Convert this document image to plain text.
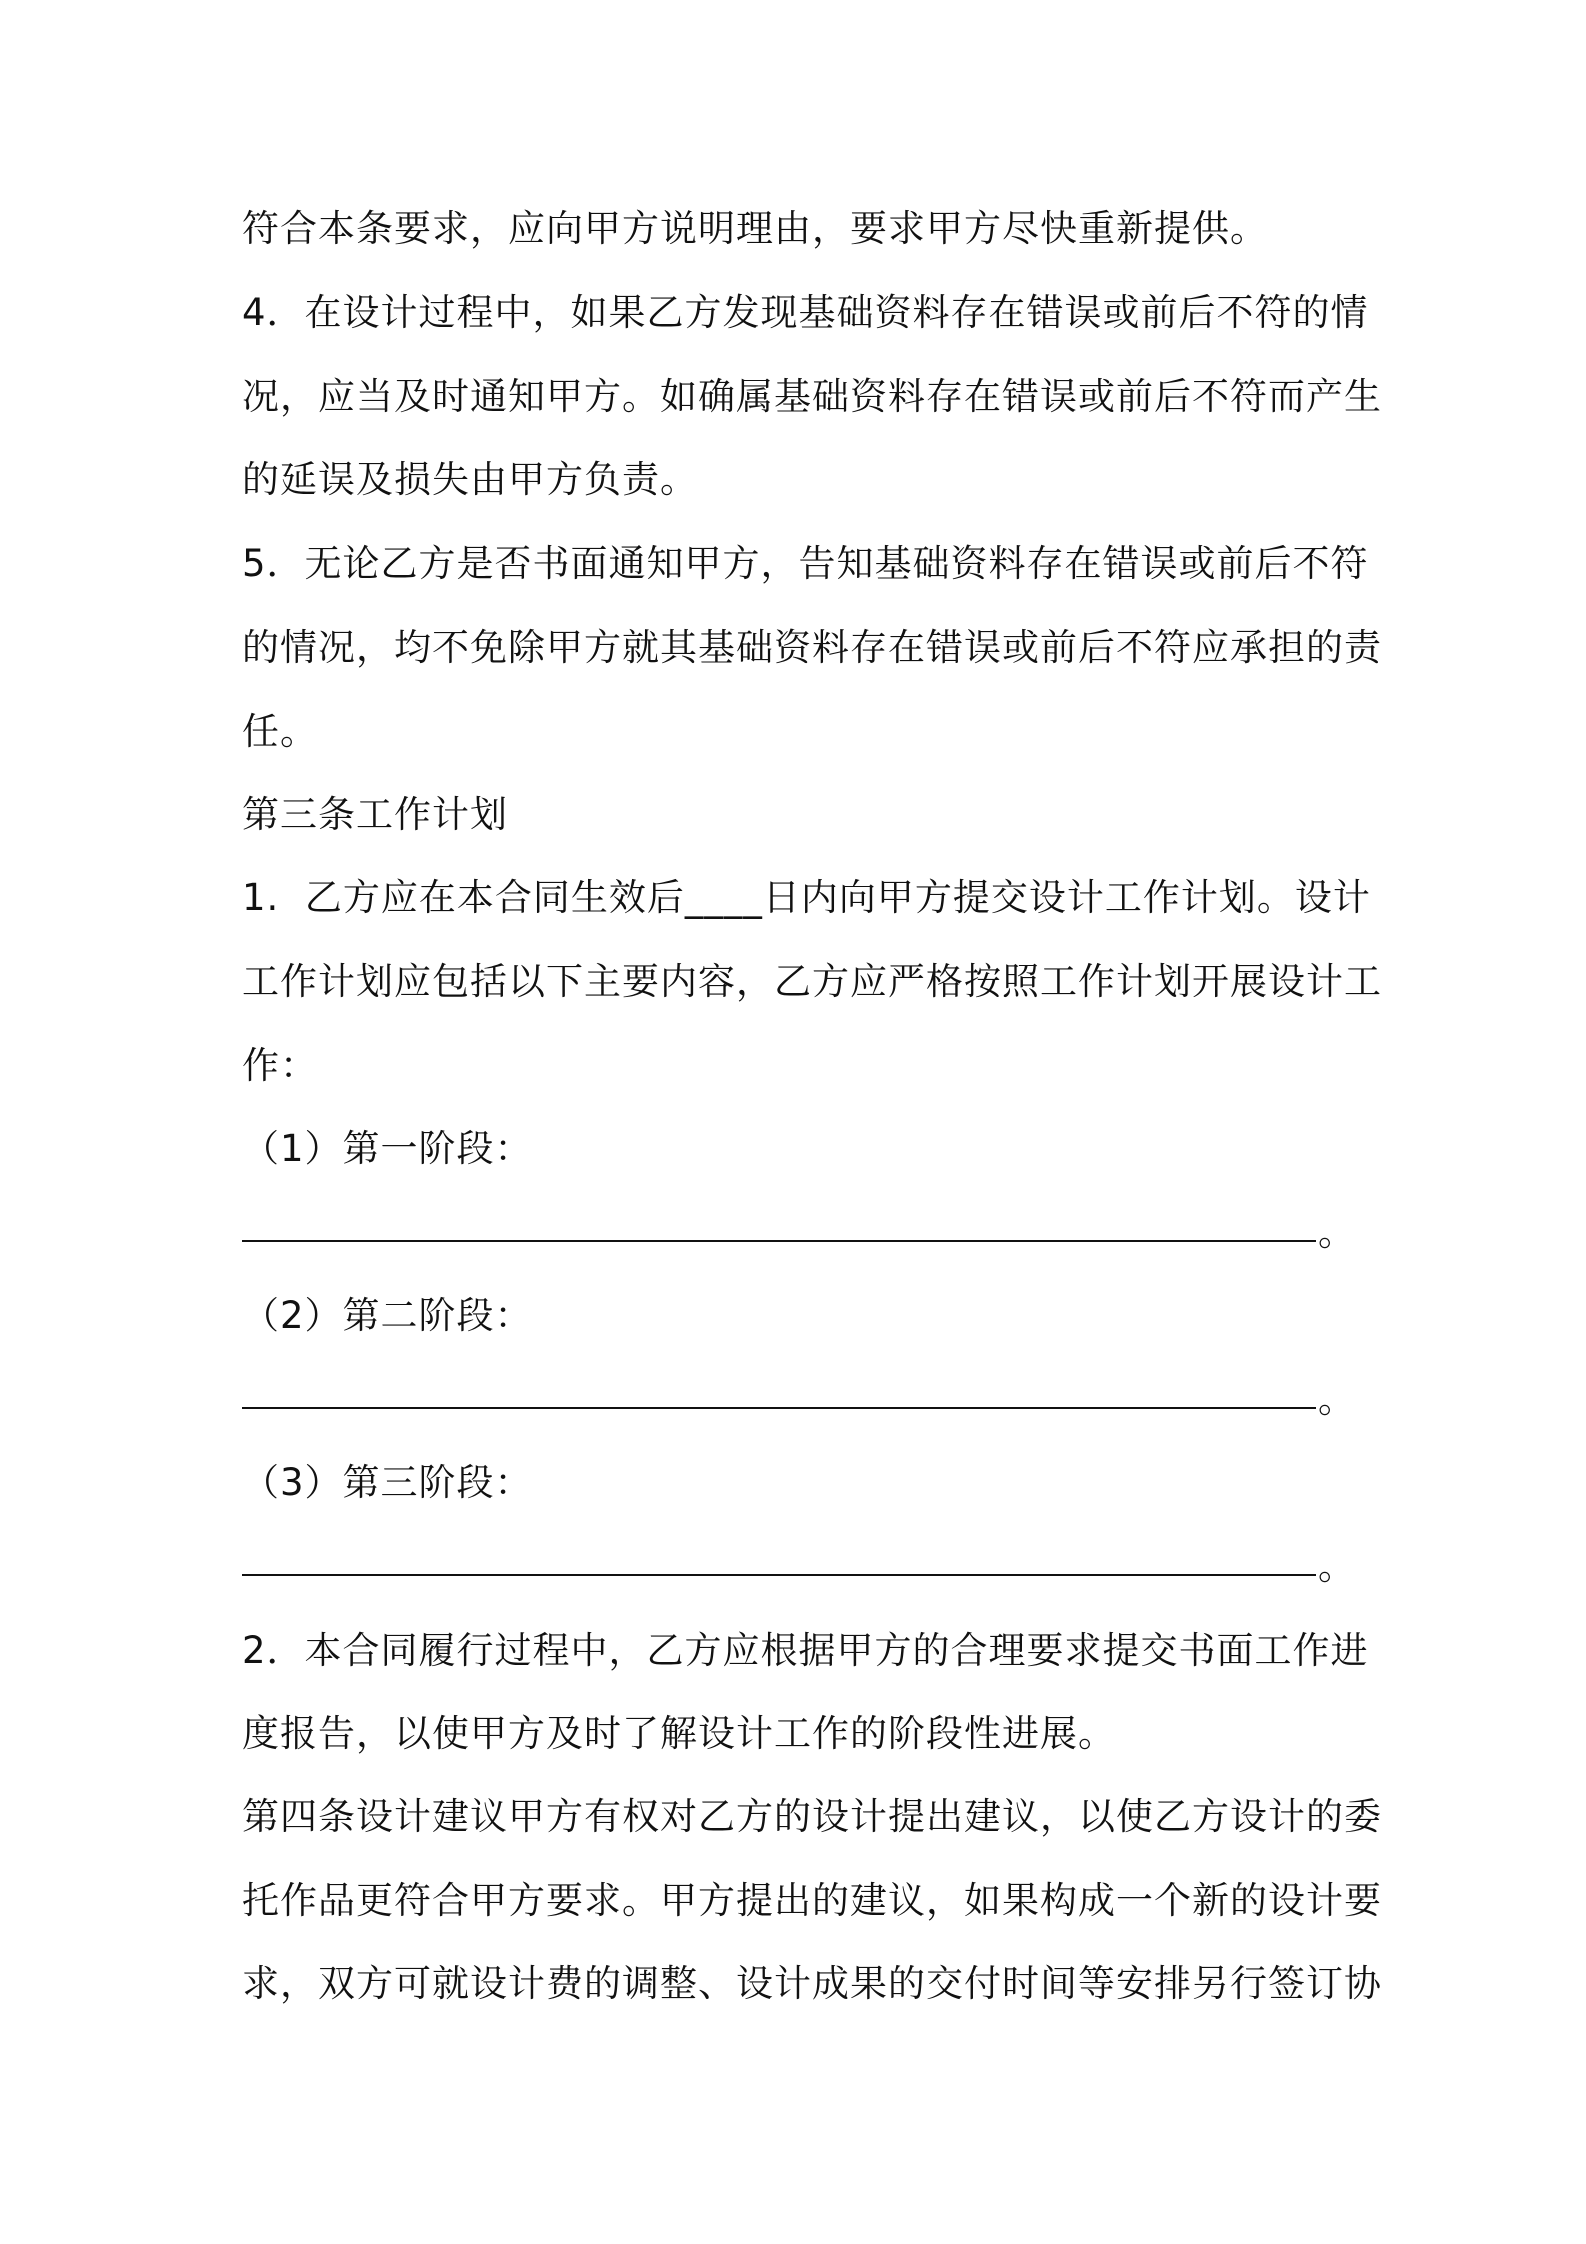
符合本条要求，应向甲方说明理由，要求甲方尽快重新提供。
4．在设计过程中，如果乙方发现基础资料存在错误或前后不符的情
况，应当及时通知甲方。如确属基础资料存在错误或前后不符而产生
的延误及损失由甲方负责。
5．无论乙方是否书面通知甲方，告知基础资料存在错误或前后不符
的情况，均不免除甲方就其基础资料存在错误或前后不符应承担的责
任。
第三条工作计划
1.  乙方应在本合同生效后____日内向甲方提交设计工作计划。设计
工作计划应包括以下主要内容，乙方应严格按照工作计划开展设计工
作：
（1）第一阶段：
。
（2）第二阶段：
。
（3）第三阶段：
。
2．本合同履行过程中，乙方应根据甲方的合理要求提交书面工作进
度报告，以使甲方及时了解设计工作的阶段性进展。
第四条设计建议甲方有权对乙方的设计提出建议，以使乙方设计的委
托作品更符合甲方要求。甲方提出的建议，如果构成一个新的设计要
求，双方可就设计费的调整、设计成果的交付时间等安排另行签订协
